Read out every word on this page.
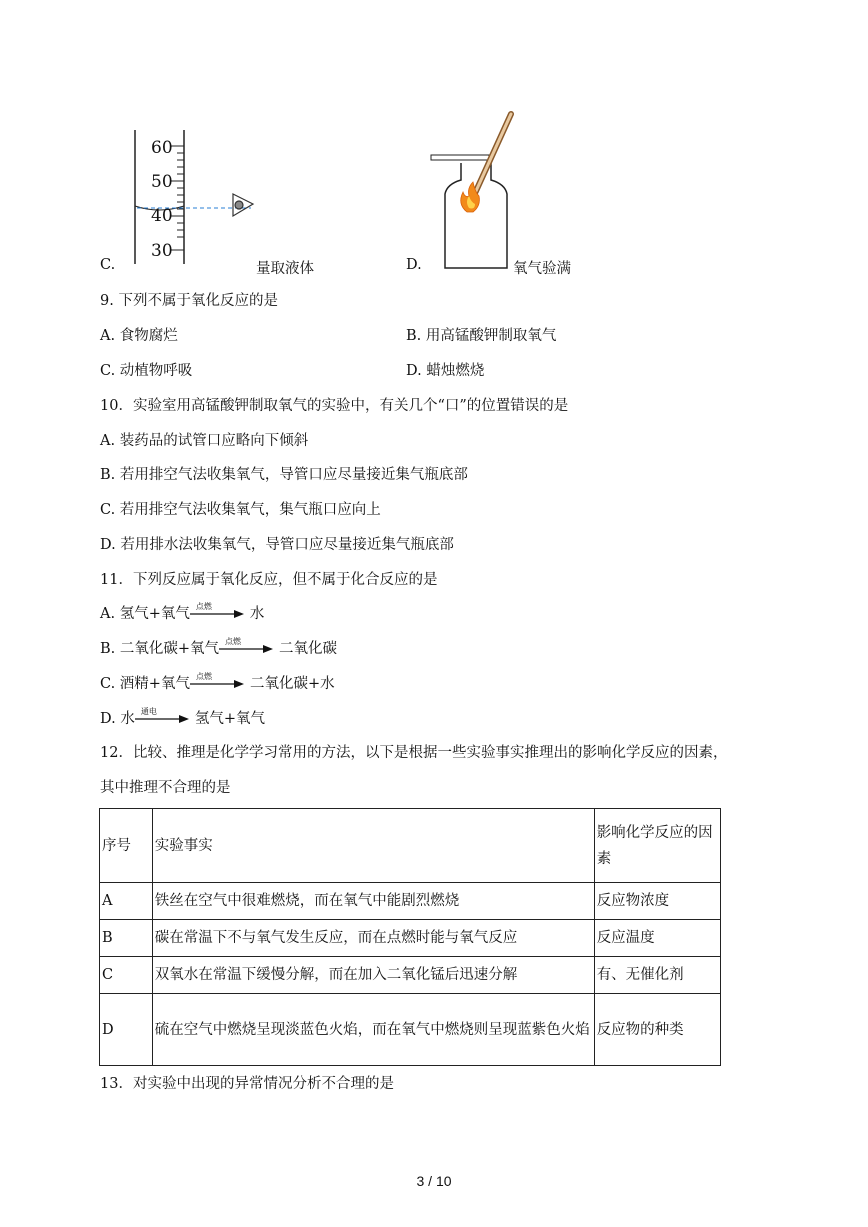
60
50
40
30
C.	量取液体	D.	氧气验满
9. 下列不属于氧化反应的是
A. 食物腐烂	B. 用高锰酸钾制取氧气
C. 动植物呼吸	D. 蜡烛燃烧
10．实验室用高锰酸钾制取氧气的实验中，有关几个“口”的位置错误的是
A. 装药品的试管口应略向下倾斜
B. 若用排空气法收集氧气，导管口应尽量接近集气瓶底部
C. 若用排空气法收集氧气，集气瓶口应向上
D. 若用排水法收集氧气，导管口应尽量接近集气瓶底部
11．下列反应属于氧化反应，但不属于化合反应的是
A. 氢气+氧气 点燃	水
B. 二氧化碳+氧气 点燃	二氧化碳
C. 酒精+氧气 点燃	二氧化碳+水
D. 水 通电	氢气+氧气
12．比较、推理是化学学习常用的方法，以下是根据一些实验事实推理出的影响化学反应的因素，
其中推理不合理的是
序号	实验事实	影响化学反应的因素
A	铁丝在空气中很难燃烧，而在氧气中能剧烈燃烧	反应物浓度
B	碳在常温下不与氧气发生反应，而在点燃时能与氧气反应	反应温度
C	双氧水在常温下缓慢分解，而在加入二氧化锰后迅速分解	有、无催化剂
D	硫在空气中燃烧呈现淡蓝色火焰，而在氧气中燃烧则呈现蓝紫色火焰	反应物的种类
13．对实验中出现的异常情况分析不合理的是
3 / 10
